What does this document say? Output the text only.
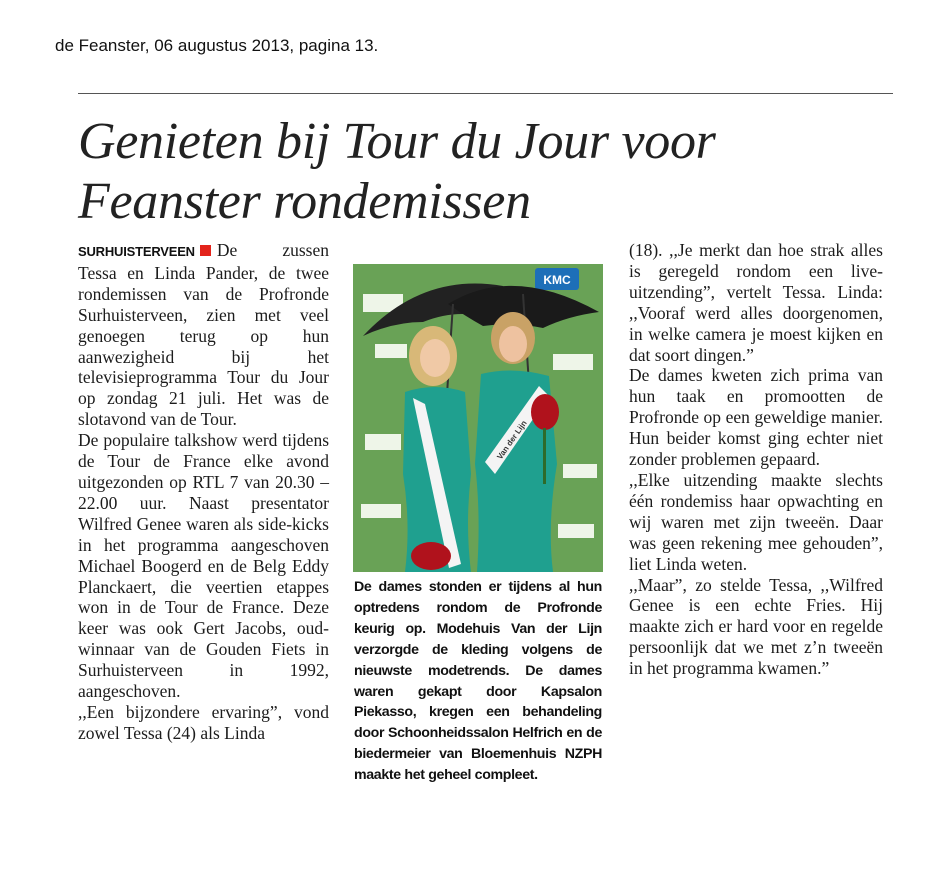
de Feanster, 06 augustus 2013, pagina 13.
Genieten bij Tour du Jour voor
Feanster rondemissen

SURHUISTERVEEN De zussen Tessa en Linda Pander, de twee rondemissen van de Profronde Surhuisterveen, zien met veel genoegen terug op hun aanwezigheid bij het televisieprogramma Tour du Jour op zondag 21 juli. Het was de slotavond van de Tour.

De populaire talkshow werd tijdens de Tour de France elke avond uitgezonden op RTL 7 van 20.30 – 22.00 uur. Naast presentator Wilfred Genee waren als side-kicks in het programma aangeschoven Michael Boogerd en de Belg Eddy Planckaert, die veertien etappes won in de Tour de France. Deze keer was ook Gert Jacobs, oud-winnaar van de Gouden Fiets in Surhuisterveen in 1992, aangeschoven.

,,Een bijzondere ervaring”, vond zowel Tessa (24) als Linda

KMC
Van der Lijn
De dames stonden er tijdens al hun optredens rondom de Profronde keurig op. Modehuis Van der Lijn verzorgde de kleding volgens de nieuwste modetrends. De dames waren gekapt door Kapsalon Piekasso, kregen een behandeling door Schoonheidssalon Helfrich en de biedermeier van Bloemenhuis NZPH maakte het geheel compleet.

(18). ,,Je merkt dan hoe strak alles is geregeld rondom een live-uitzending”, vertelt Tessa. Linda: ,,Vooraf werd alles doorgenomen, in welke camera je moest kijken en dat soort dingen.”

De dames kweten zich prima van hun taak en promootten de Profronde op een geweldige manier. Hun beider komst ging echter niet zonder problemen gepaard.

,,Elke uitzending maakte slechts één rondemiss haar opwachting en wij waren met zijn tweeën. Daar was geen rekening mee gehouden”, liet Linda weten.

,,Maar”, zo stelde Tessa, ,,Wilfred Genee is een echte Fries. Hij maakte zich er hard voor en regelde persoonlijk dat we met z’n tweeën in het programma kwamen.”
